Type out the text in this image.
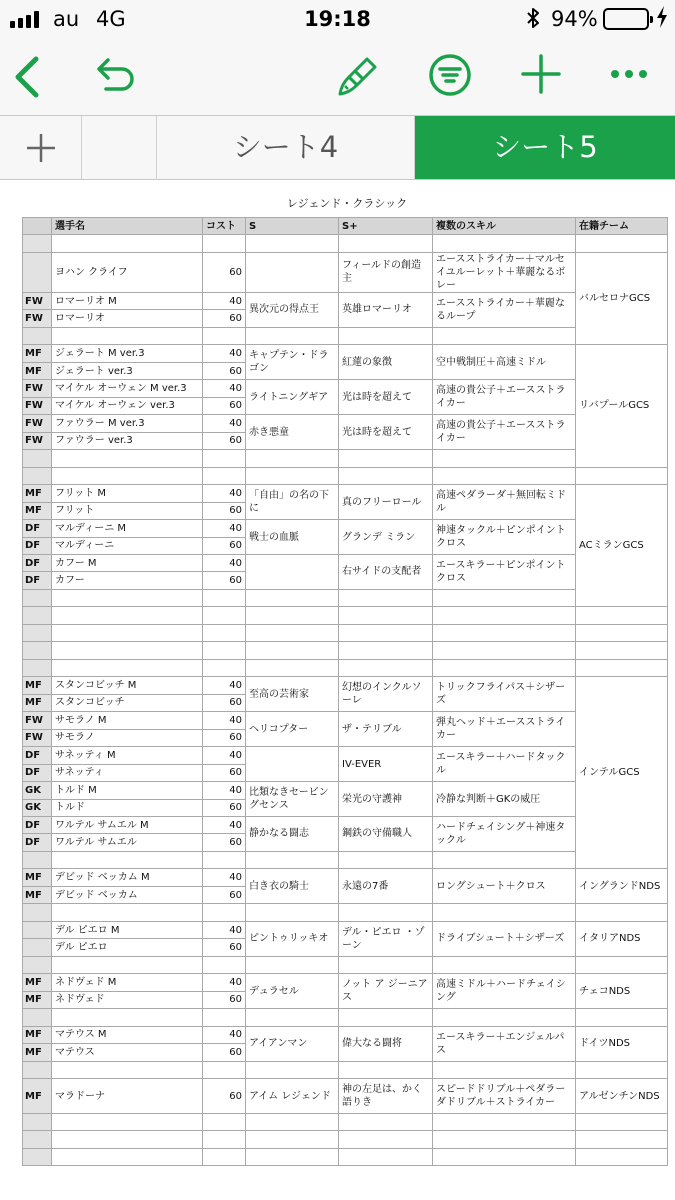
au 4G	19:18	94%
シート4	シート5
レジェンド・クラシック
	選手名	コスト	S	S+	複数のスキル	在籍チーム

	ヨハン クライフ	60		フィールドの創造主	エースストライカー＋マルセイユルーレット＋華麗なるボレー	バルセロナGCS
FW	ロマーリオ M	40	異次元の得点王	英雄ロマーリオ	エースストライカー＋華麗なるループ	
FW	ロマーリオ	60				

MF	ジェラート M ver.3	40	キャプテン・ドラゴン	紅蓮の象徴	空中戦制圧＋高速ミドル	リバプールGCS
MF	ジェラート ver.3	60				
FW	マイケル オーウェン M ver.3	40	ライトニングギア	光は時を超えて	高速の貴公子＋エースストライカー	
FW	マイケル オーウェン ver.3	60				
FW	ファウラー M ver.3	40	赤き悪童	光は時を超えて	高速の貴公子＋エースストライカー	
FW	ファウラー ver.3	60				

MF	フリット M	40	「自由」の名の下に	真のフリーロール	高速ペダラーダ＋無回転ミドル	ACミランGCS
MF	フリット	60				
DF	マルディーニ M	40	戦士の血脈	グランデ ミラン	神速タックル＋ピンポイントクロス	
DF	マルディーニ	60				
DF	カフー M	40		右サイドの支配者	エースキラー＋ピンポイントクロス	
DF	カフー	60				

MF	スタンコビッチ M	40	至高の芸術家	幻想のインクルソーレ	トリックフライパス＋シザーズ	インテルGCS
MF	スタンコビッチ	60				
FW	サモラノ M	40	ヘリコプター	ザ・テリブル	弾丸ヘッド＋エースストライカー	
FW	サモラノ	60				
DF	サネッティ M	40		IV-EVER	エースキラー＋ハードタックル	
DF	サネッティ	60				
GK	トルド M	40	比類なきセービングセンス	栄光の守護神	冷静な判断＋GKの威圧	
GK	トルド	60				
DF	ワルテル サムエル M	40	静かなる闘志	鋼鉄の守備職人	ハードチェイシング＋神速タックル	
DF	ワルテル サムエル	60				

MF	デビッド ベッカム M	40	白き衣の騎士	永遠の7番	ロングシュート＋クロス	イングランドNDS
MF	デビッド ベッカム	60				

	デル ピエロ M	40	ピントゥリッキオ	デル・ピエロ ・ゾーン	ドライブシュート＋シザーズ	イタリアNDS
	デル ピエロ	60				

MF	ネドヴェド M	40	デュラセル	ノット ア ジーニアス	高速ミドル＋ハードチェイシング	チェコNDS
MF	ネドヴェド	60				

MF	マテウス M	40	アイアンマン	偉大なる闘将	エースキラー＋エンジェルパス	ドイツNDS
MF	マテウス	60				

MF	マラドーナ	60	アイム レジェンド	神の左足は、かく語りき	スピードドリブル＋ペダラーダドリブル＋ストライカー	アルゼンチンNDS
